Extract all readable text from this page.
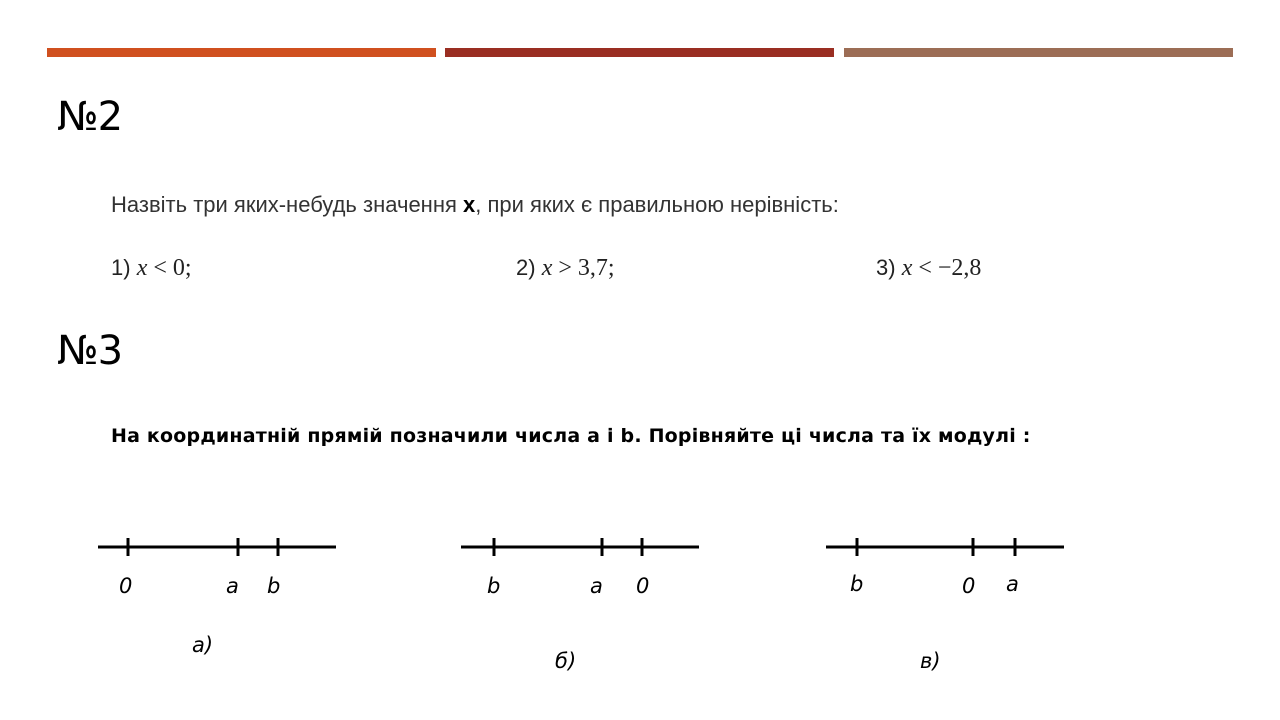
№2
Назвіть три яких-небудь значення x, при яких є правильною нерівність:
1) x < 0;	2) x > 3,7;	3) x < −2,8
№3
На координатній прямій позначили числа a і b. Порівняйте ці числа та їх модулі :
0	a b
а)
b	a 0
б)
b	0 a
в)
